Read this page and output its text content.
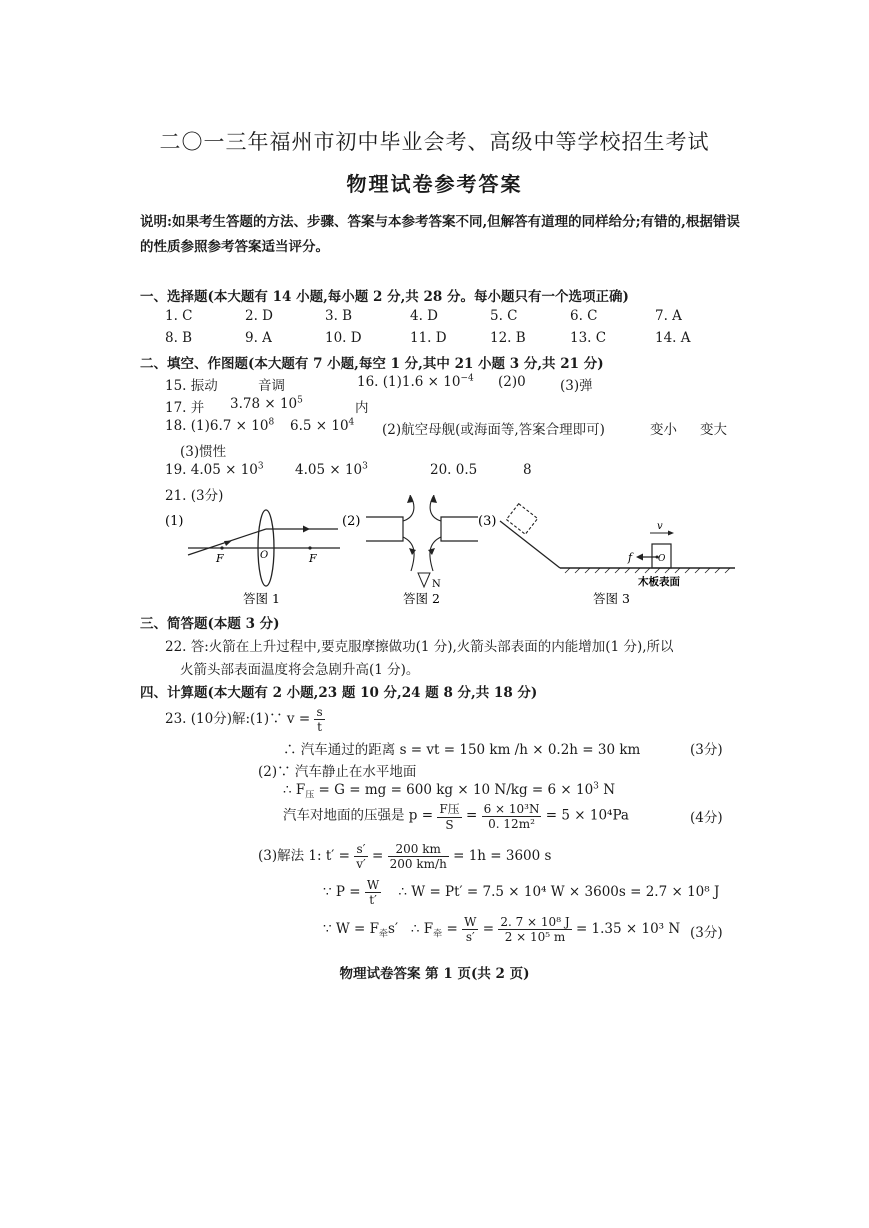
二〇一三年福州市初中毕业会考、高级中等学校招生考试
物理试卷参考答案
说明:如果考生答题的方法、步骤、答案与本参考答案不同,但解答有道理的同样给分;有错的,根据错误的性质参照参考答案适当评分。
一、选择题(本大题有 14 小题,每小题 2 分,共 28 分。每小题只有一个选项正确)
1. C	2. D	3. B	4. D	5. C	6. C	7. A
8. B	9. A	10. D	11. D	12. B	13. C	14. A
二、填空、作图题(本大题有 7 小题,每空 1 分,其中 21 小题 3 分,共 21 分)
15. 振动	音调	16. $(1)1.6 \times 10^{-4}$ (2)0	(3)弹
17. 并 $3.78 \times 10^5$	内
18. $(1)6.7 \times 10^8$ $6.5 \times 10^4$ (2)航空母舰(或海面等,答案合理即可)	变小 变大
(3)惯性
19. $4.05 \times 10^3$ $4.05 \times 10^3$	20. 0.5	8
21. (3分)
(1)
F	O	F
(2)
N
(3)
O
f
v
木板表面
答图 1	答图 2	答图 3
三、简答题(本题 3 分)
22. 答:火箭在上升过程中,要克服摩擦做功(1 分),火箭头部表面的内能增加(1 分),所以
火箭头部表面温度将会急剧升高(1 分)。
四、计算题(本大题有 2 小题,23 题 10 分,24 题 8 分,共 18 分)
23. (10分)解:(1)∵ $v = \frac{s}{t}$
∴ 汽车通过的距离 s = vt = 150 km /h × 0.2h = 30 km	(3分)
(2)∵ 汽车静止在水平地面
∴ $F_压 = G$ = mg = 600 kg × 10 $N/kg = 6 \times 10^3$ N
汽车对地面的压强是 $p = \frac{\text{F压}}{S} = \frac{\text{6 × 10³N}}{\text{0. 12m²}} = 5 \times 10^4Pa$	(4分)
(3)解法 1: $t' = \frac{s'}{v'} = \frac{200 km}{200 km/h} = 1h = 3600$ s
∵ $P = \frac{W}{t'}$ ∴ W = Pt′ = 7.5 × 10⁴ W × 3600s = 2.7 × 10⁸ J
∵ $W = F_牵s'$ ∴ $F_牵 = \frac{W}{s'} = \frac{\text{2. 7 × 10⁸ J}}{\text{2 × 10⁵ m}} = 1.35 \times 10^3$ N (3分)
物理试卷答案 第 1 页(共 2 页)
